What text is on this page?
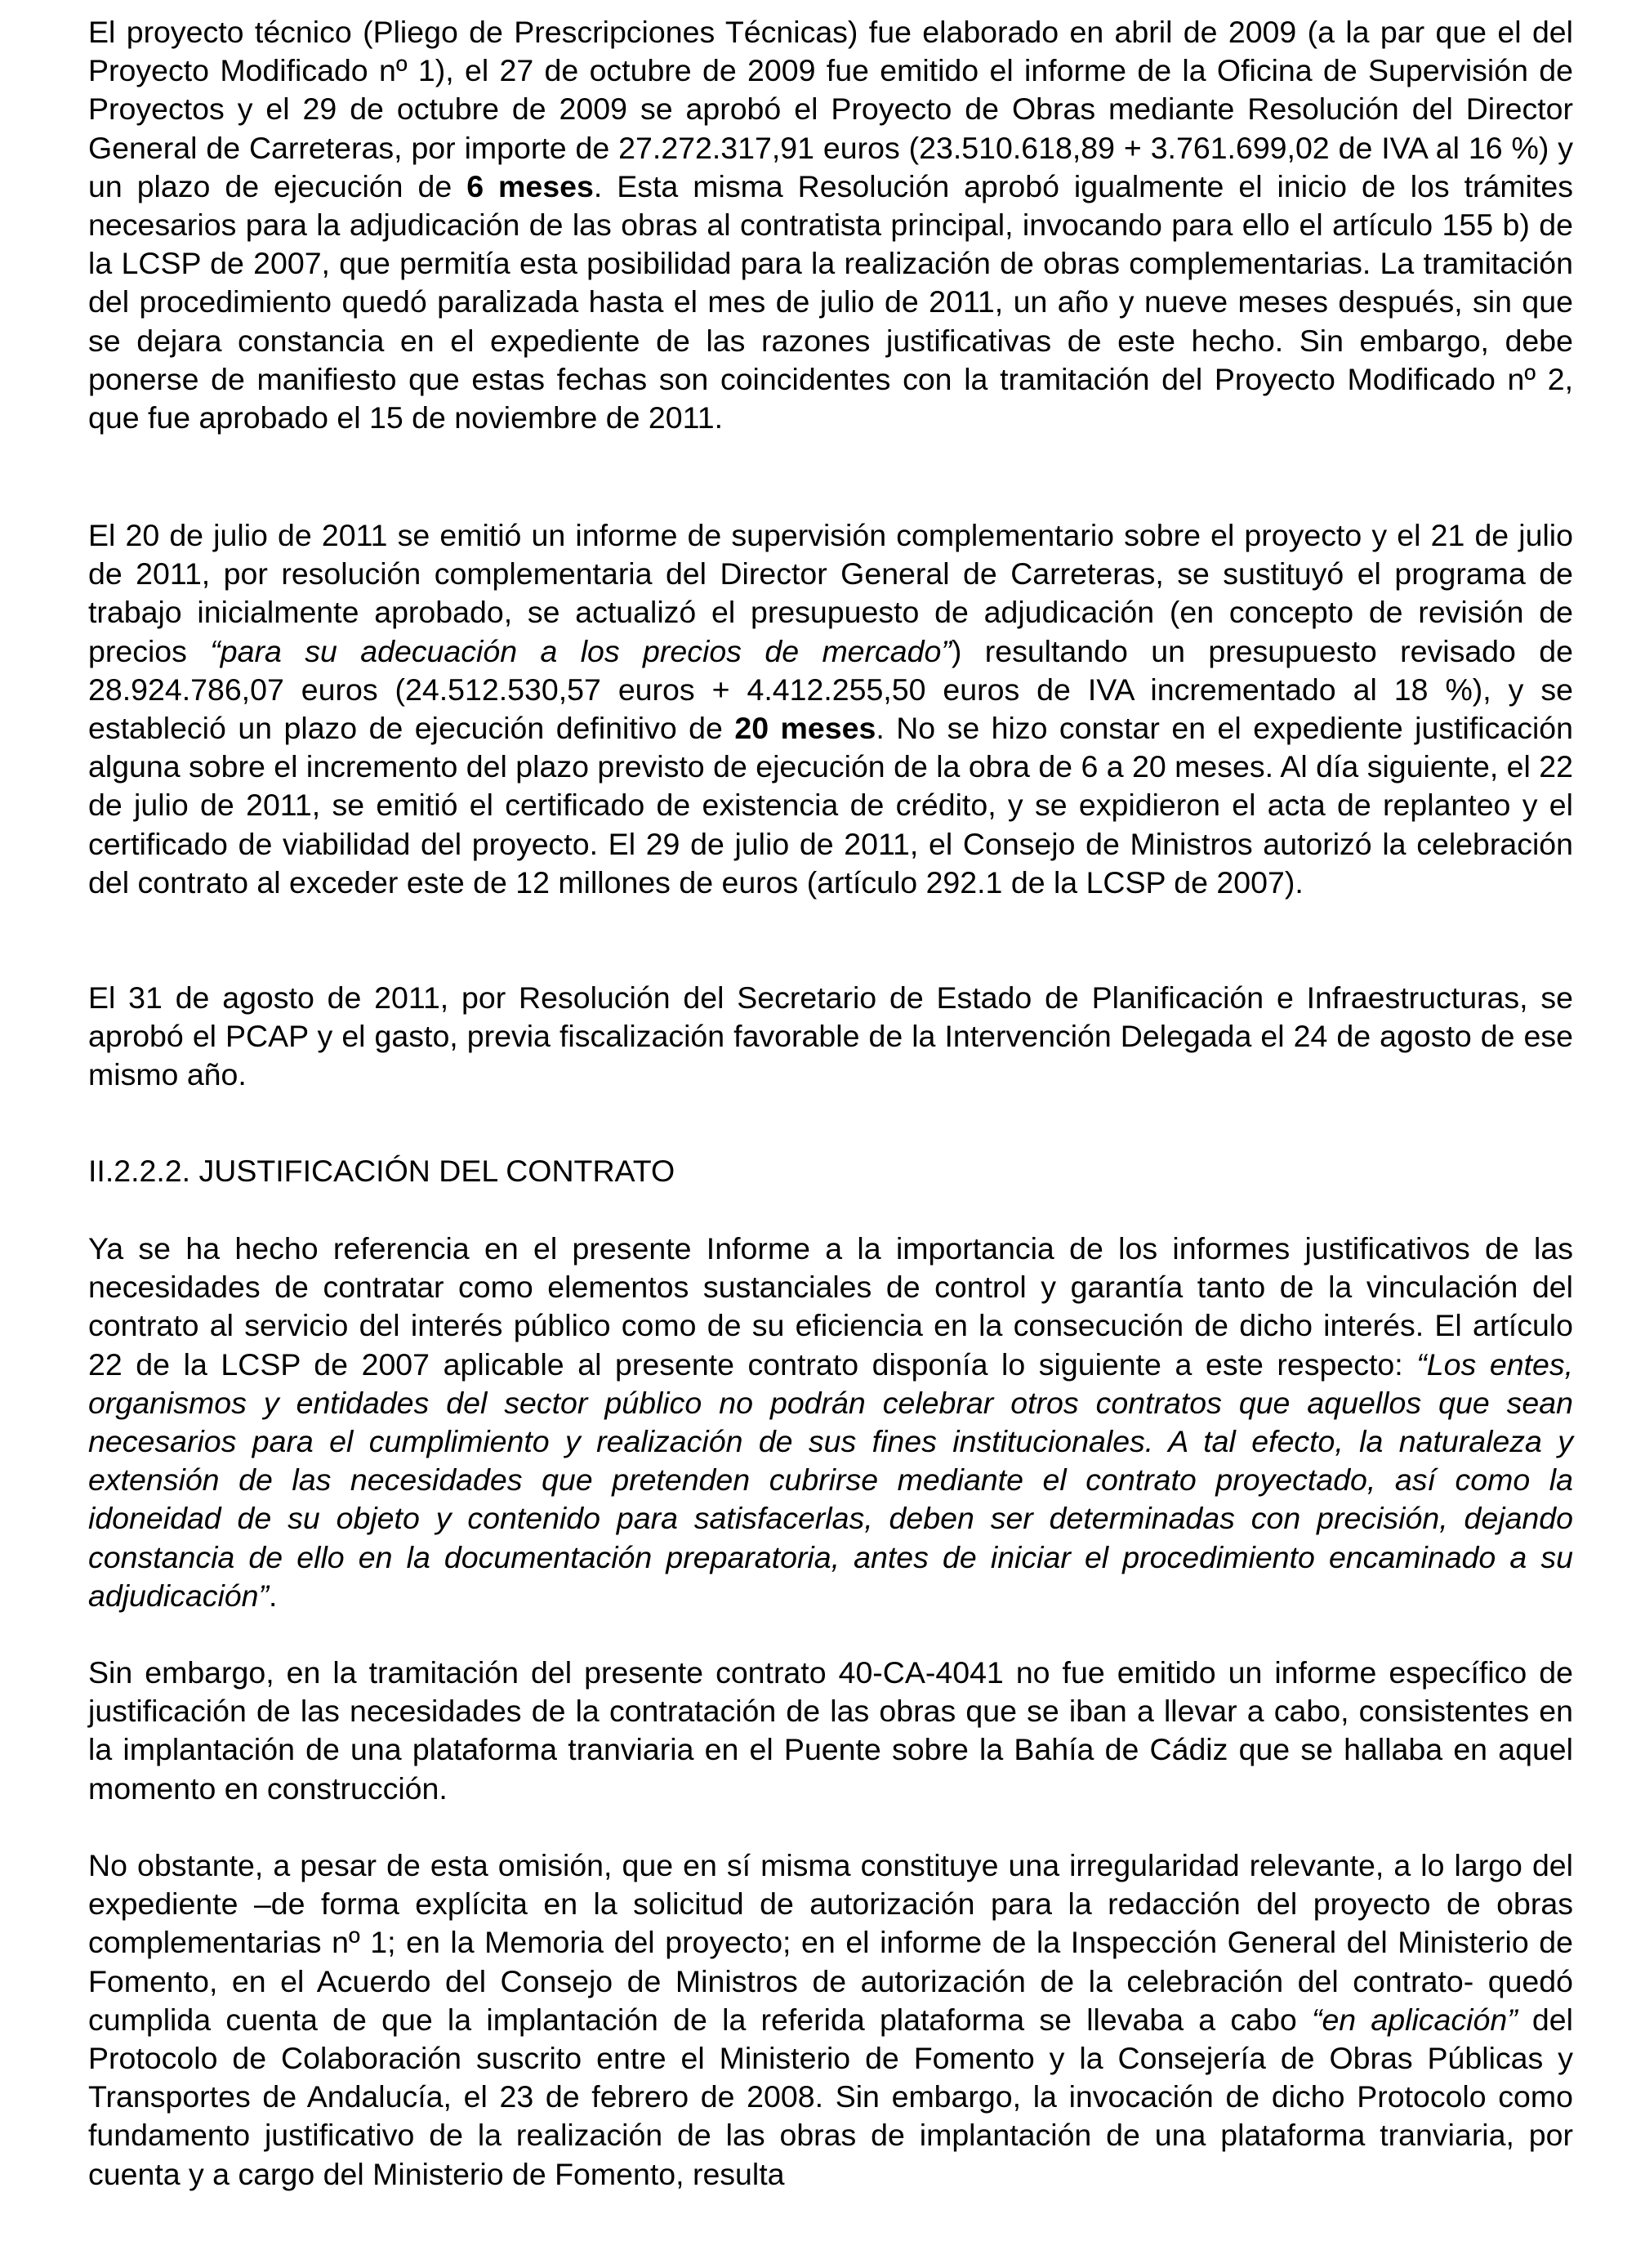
El proyecto técnico (Pliego de Prescripciones Técnicas) fue elaborado en abril de 2009 (a la par que el del Proyecto Modificado nº 1), el 27 de octubre de 2009 fue emitido el informe de la Oficina de Supervisión de Proyectos y el 29 de octubre de 2009 se aprobó el Proyecto de Obras mediante Resolución del Director General de Carreteras, por importe de 27.272.317,91 euros (23.510.618,89 + 3.761.699,02 de IVA al 16 %) y un plazo de ejecución de 6 meses. Esta misma Resolución aprobó igualmente el inicio de los trámites necesarios para la adjudicación de las obras al contratista principal, invocando para ello el artículo 155 b) de la LCSP de 2007, que permitía esta posibilidad para la realización de obras complementarias. La tramitación del procedimiento quedó paralizada hasta el mes de julio de 2011, un año y nueve meses después, sin que se dejara constancia en el expediente de las razones justificativas de este hecho. Sin embargo, debe ponerse de manifiesto que estas fechas son coincidentes con la tramitación del Proyecto Modificado nº 2, que fue aprobado el 15 de noviembre de 2011.

El 20 de julio de 2011 se emitió un informe de supervisión complementario sobre el proyecto y el 21 de julio de 2011, por resolución complementaria del Director General de Carreteras, se sustituyó el programa de trabajo inicialmente aprobado, se actualizó el presupuesto de adjudicación (en concepto de revisión de precios “para su adecuación a los precios de mercado”) resultando un presupuesto revisado de 28.924.786,07 euros (24.512.530,57 euros + 4.412.255,50 euros de IVA incrementado al 18 %), y se estableció un plazo de ejecución definitivo de 20 meses. No se hizo constar en el expediente justificación alguna sobre el incremento del plazo previsto de ejecución de la obra de 6 a 20 meses. Al día siguiente, el 22 de julio de 2011, se emitió el certificado de existencia de crédito, y se expidieron el acta de replanteo y el certificado de viabilidad del proyecto. El 29 de julio de 2011, el Consejo de Ministros autorizó la celebración del contrato al exceder este de 12 millones de euros (artículo 292.1 de la LCSP de 2007).

El 31 de agosto de 2011, por Resolución del Secretario de Estado de Planificación e Infraestructuras, se aprobó el PCAP y el gasto, previa fiscalización favorable de la Intervención Delegada el 24 de agosto de ese mismo año.

II.2.2.2. JUSTIFICACIÓN DEL CONTRATO

Ya se ha hecho referencia en el presente Informe a la importancia de los informes justificativos de las necesidades de contratar como elementos sustanciales de control y garantía tanto de la vinculación del contrato al servicio del interés público como de su eficiencia en la consecución de dicho interés. El artículo 22 de la LCSP de 2007 aplicable al presente contrato disponía lo siguiente a este respecto: “Los entes, organismos y entidades del sector público no podrán celebrar otros contratos que aquellos que sean necesarios para el cumplimiento y realización de sus fines institucionales. A tal efecto, la naturaleza y extensión de las necesidades que pretenden cubrirse mediante el contrato proyectado, así como la idoneidad de su objeto y contenido para satisfacerlas, deben ser determinadas con precisión, dejando constancia de ello en la documentación preparatoria, antes de iniciar el procedimiento encaminado a su adjudicación”.

Sin embargo, en la tramitación del presente contrato 40-CA-4041 no fue emitido un informe específico de justificación de las necesidades de la contratación de las obras que se iban a llevar a cabo, consistentes en la implantación de una plataforma tranviaria en el Puente sobre la Bahía de Cádiz que se hallaba en aquel momento en construcción.

No obstante, a pesar de esta omisión, que en sí misma constituye una irregularidad relevante, a lo largo del expediente –de forma explícita en la solicitud de autorización para la redacción del proyecto de obras complementarias nº 1; en la Memoria del proyecto; en el informe de la Inspección General del Ministerio de Fomento, en el Acuerdo del Consejo de Ministros de autorización de la celebración del contrato- quedó cumplida cuenta de que la implantación de la referida plataforma se llevaba a cabo “en aplicación” del Protocolo de Colaboración suscrito entre el Ministerio de Fomento y la Consejería de Obras Públicas y Transportes de Andalucía, el 23 de febrero de 2008. Sin embargo, la invocación de dicho Protocolo como fundamento justificativo de la realización de las obras de implantación de una plataforma tranviaria, por cuenta y a cargo del Ministerio de Fomento, resulta
